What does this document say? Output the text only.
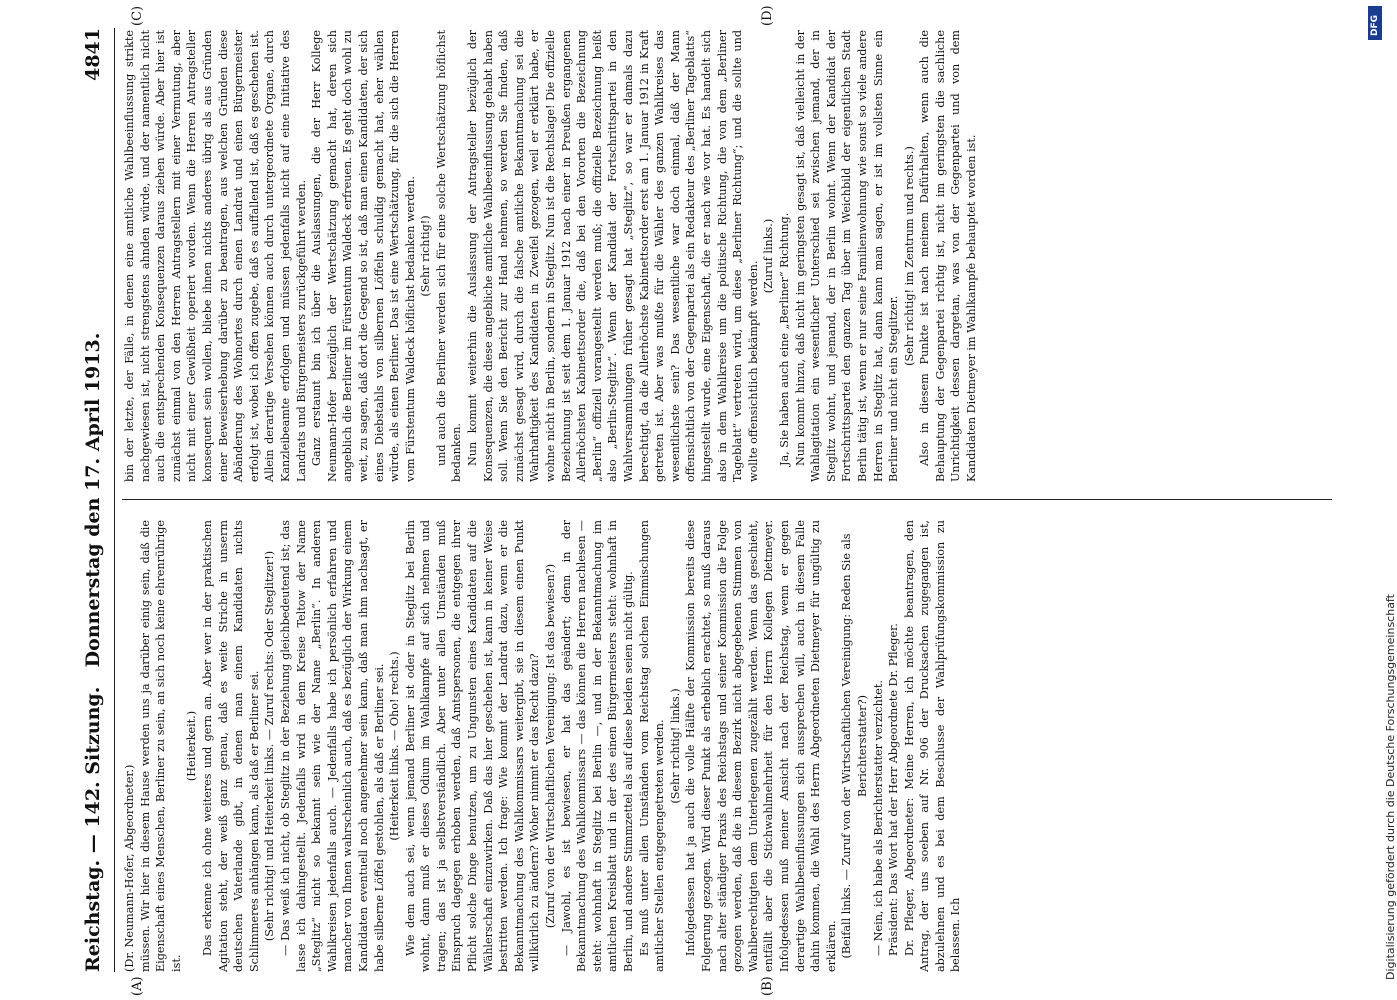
Reichstag. — 142. Sitzung.
Donnerstag den 17. April 1913.
4841
(A)	(B)
(C)	(D)

(Dr. Neumann-Hofer, Abgeordneter.) müssen. Wir hier in diesem Hause werden uns ja darüber einig sein, daß die Eigenschaft eines Menschen, Berliner zu sein, an sich noch keine ehrenrührige ist.

(Heiterkeit.) Das erkenne ich ohne weiteres und gern an. Aber wer in der praktischen Agitation steht, der weiß ganz genau, daß es weite Striche in unserm deutschen Vaterlande gibt, in denen man einem Kandidaten nichts Schlimmeres anhängen kann, als daß er Berliner sei. (Sehr richtig! und Heiterkeit links. — Zuruf rechts: Oder Steglitzer!) — Das weiß ich nicht, ob Steglitz in der Beziehung gleichbedeutend ist; das lasse ich dahingestellt. Jedenfalls wird in dem Kreise Teltow der Name „Steglitz“ nicht so bekannt sein wie der Name „Berlin“. In anderen Wahlkreisen jedenfalls auch. — Jedenfalls habe ich persönlich erfahren und mancher von Ihnen wahrscheinlich auch, daß es bezüglich der Wirkung einem Kandidaten eventuell noch angenehmer sein kann, daß man ihm nachsagt, er habe silberne Löffel gestohlen, als daß er Berliner sei. (Heiterkeit links. — Oho! rechts.) Wie dem auch sei, wenn jemand Berliner ist oder in Steglitz bei Berlin wohnt, dann muß er dieses Odium im Wahlkampfe auf sich nehmen und tragen; das ist ja selbstverständlich. Aber unter allen Umständen muß Einspruch dagegen erhoben werden, daß Amtspersonen, die entgegen ihrer Pflicht solche Dinge benutzen, um zu Ungunsten eines Kandidaten auf die Wählerschaft einzuwirken. Daß das hier geschehen ist, kann in keiner Weise bestritten werden. Ich frage: Wie kommt der Landrat dazu, wenn er die Bekanntmachung des Wahlkommissars weitergibt, sie in diesem einen Punkt willkürlich zu ändern? Woher nimmt er das Recht dazu? (Zuruf von der Wirtschaftlichen Vereinigung: Ist das bewiesen?) — Jawohl, es ist bewiesen, er hat das geändert; denn in der Bekanntmachung des Wahlkommissars — das können die Herren nachlesen — steht: wohnhaft in Steglitz bei Berlin —, und in der Bekanntmachung im amtlichen Kreisblatt und in der des einen Bürgermeisters steht: wohnhaft in Berlin, und andere Stimmzettel als auf diese beiden seien nicht gültig. Es muß unter allen Umständen vom Reichstag solchen Einmischungen amtlicher Stellen entgegengetreten werden. (Sehr richtig! links.) Infolgedessen hat ja auch die volle Hälfte der Kommission bereits diese Folgerung gezogen. Wird dieser Punkt als erheblich erachtet, so muß daraus nach alter ständiger Praxis des Reichstags und seiner Kommission die Folge gezogen werden, daß die in diesem Bezirk nicht abgegebenen Stimmen von Wahlberechtigten dem Unterlegenen zugezählt werden. Wenn das geschieht, entfällt aber die Stichwahlmehrheit für den Herrn Kollegen Dietmeyer. Infolgedessen muß meiner Ansicht nach der Reichstag, wenn er gegen derartige Wahlbeeinflussungen sich aussprechen will, auch in diesem Falle dahin kommen, die Wahl des Herrn Abgeordneten Dietmeyer für ungültig zu erklären. (Beifall links. — Zuruf von der Wirtschaftlichen Vereinigung: Reden Sie als Berichterstatter?) — Nein, ich habe als Berichterstatter verzichtet. Präsident: Das Wort hat der Herr Abgeordnete Dr. Pfleger. Dr. Pfleger, Abgeordneter: Meine Herren, ich möchte beantragen, den Antrag, der uns soeben auf Nr. 906 der Drucksachen zugegangen ist, abzulehnen und es bei dem Beschlusse der Wahlprüfungskommission zu belassen. Ich

bin der letzte, der Fälle, in denen eine amtliche Wahlbeeinflussung strikte nachgewiesen ist, nicht strengstens ahnden würde, und der namentlich nicht auch die entsprechenden Konsequenzen daraus ziehen würde. Aber hier ist zunächst einmal von den Herren Antragstellern mit einer Vermutung, aber nicht mit einer Gewißheit operiert worden. Wenn die Herren Antragsteller konsequent sein wollen, bliebe ihnen nichts anderes übrig als aus Gründen einer Beweiserhebung darüber zu beantragen, aus welchen Gründen diese Abänderung des Wohnortes durch einen Landrat und einen Bürgermeister erfolgt ist, wobei ich offen zugebe, daß es auffallend ist, daß es geschehen ist. Allein derartige Versehen können auch durch untergeordnete Organe, durch Kanzleibeamte erfolgen und müssen jedenfalls nicht auf eine Initiative des Landrats und Bürgermeisters zurückgeführt werden. Ganz erstaunt bin ich über die Auslassungen, die der Herr Kollege Neumann-Hofer bezüglich der Wertschätzung gemacht hat, deren sich angeblich die Berliner im Fürstentum Waldeck erfreuen. Es geht doch wohl zu weit, zu sagen, daß dort die Gegend so ist, daß man einen Kandidaten, der sich eines Diebstahls von silbernen Löffeln schuldig gemacht hat, eher wählen würde, als einen Berliner. Das ist eine Wertschätzung, für die sich die Herren vom Fürstentum Waldeck höflichst bedanken werden. (Sehr richtig!) und auch die Berliner werden sich für eine solche Wertschätzung höflichst bedanken. Nun kommt weiterhin die Auslassung der Antragsteller bezüglich der Konsequenzen, die diese angebliche amtliche Wahlbeeinflussung gehabt haben soll. Wenn Sie den Bericht zur Hand nehmen, so werden Sie finden, daß zunächst gesagt wird, durch die falsche amtliche Bekanntmachung sei die Wahrhaftigkeit des Kandidaten in Zweifel gezogen, weil er erklärt habe, er wohne nicht in Berlin, sondern in Steglitz. Nun ist die Rechtslage! Die offizielle Bezeichnung ist seit dem 1. Januar 1912 nach einer in Preußen ergangenen Allerhöchsten Kabinettsorder die, daß bei den Vororten die Bezeichnung „Berlin“ offiziell vorangestellt werden muß; die offizielle Bezeichnung heißt also „Berlin-Steglitz“. Wenn der Kandidat der Fortschrittspartei in den Wahlversammlungen früher gesagt hat „Steglitz“, so war er damals dazu berechtigt, da die Allerhöchste Kabinettsorder erst am 1. Januar 1912 in Kraft getreten ist. Aber was mußte für die Wähler des ganzen Wahlkreises das wesentlichste sein? Das wesentliche war doch einmal, daß der Mann offensichtlich von der Gegenpartei als ein Redakteur des „Berliner Tageblatts“ hingestellt wurde, eine Eigenschaft, die er nach wie vor hat. Es handelt sich also in dem Wahlkreise um die politische Richtung, die von dem „Berliner Tageblatt“ vertreten wird, um diese „Berliner Richtung“; und die sollte und wollte offensichtlich bekämpft werden.

(Zuruf links.) Ja, Sie haben auch eine „Berliner“ Richtung. Nun kommt hinzu, daß nicht im geringsten gesagt ist, daß vielleicht in der Wahlagitation ein wesentlicher Unterschied sei zwischen jemand, der in Steglitz wohnt, und jemand, der in Berlin wohnt. Wenn der Kandidat der Fortschrittspartei den ganzen Tag über im Weichbild der eigentlichen Stadt Berlin tätig ist, wenn er nur seine Familienwohnung wie sonst so viele andere Herren in Steglitz hat, dann kann man sagen, er ist im vollsten Sinne ein Berliner und nicht ein Steglitzer.

(Sehr richtig! im Zentrum und rechts.) Also in diesem Punkte ist nach meinem Dafürhalten, wenn auch die Behauptung der Gegenpartei richtig ist, nicht im geringsten die sachliche Unrichtigkeit dessen dargetan, was von der Gegenpartei und von dem Kandidaten Dietmeyer im Wahlkampfe behauptet worden ist.

Digitalisierung gefördert durch die Deutsche Forschungsgemeinschaft
DFG
